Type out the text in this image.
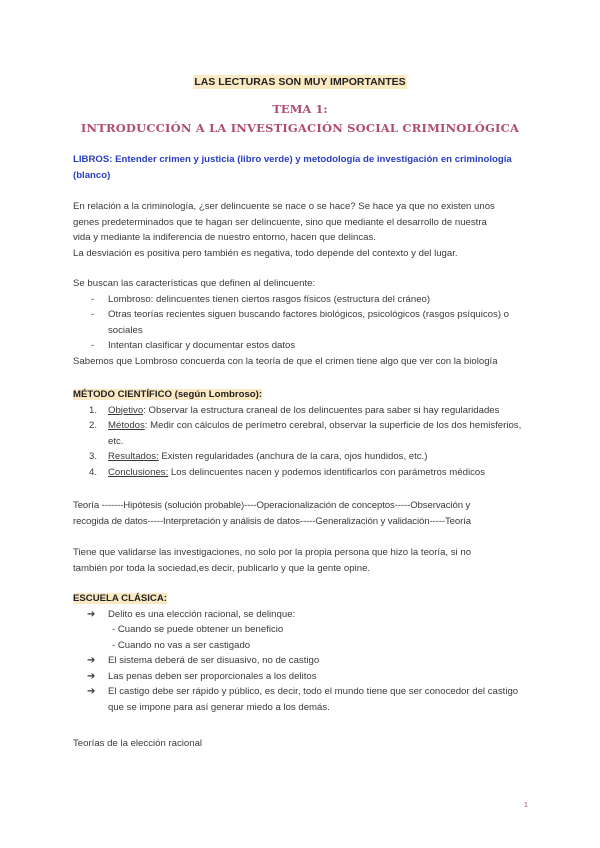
LAS LECTURAS SON MUY IMPORTANTES
TEMA 1:
INTRODUCCIÓN A LA INVESTIGACIÓN SOCIAL CRIMINOLÓGICA
LIBROS: Entender crimen y justicia (libro verde) y metodología de investigación en criminología (blanco)
En relación a la criminología, ¿ser delincuente se nace o se hace? Se hace ya que no existen unos
genes predeterminados que te hagan ser delincuente, sino que mediante el desarrollo de nuestra
vida y mediante la indiferencia de nuestro entorno, hacen que delincas.
La desviación es positiva pero también es negativa, todo depende del contexto y del lugar.
Se buscan las características que definen al delincuente:
-	Lombroso: delincuentes tienen ciertos rasgos físicos (estructura del cráneo)
-	Otras teorías recientes siguen buscando factores biológicos, psicológicos (rasgos psíquicos) o sociales
-	Intentan clasificar y documentar estos datos
Sabemos que Lombroso concuerda con la teoría de que el crimen tiene algo que ver con la biología
MÉTODO CIENTÍFICO (según Lombroso):
1. Objetivo: Observar la estructura craneal de los delincuentes para saber si hay regularidades
2. Métodos: Medir con cálculos de perímetro cerebral, observar la superficie de los dos hemisferios, etc.
3. Resultados: Existen regularidades (anchura de la cara, ojos hundidos, etc.)
4. Conclusiones: Los delincuentes nacen y podemos identificarlos con parámetros médicos
Teoría -------Hipótesis (solución probable)----Operacionalización de conceptos-----Observación y
recogida de datos-----Interpretación y análisis de datos-----Generalización y validación-----Teoría
Tiene que validarse las investigaciones, no solo por la propia persona que hizo la teoría, si no
también por toda la sociedad,es decir, publicarlo y que la gente opine.
ESCUELA CLÁSICA:
➔ Delito es una elección racional, se delinque:
- Cuando se puede obtener un beneficio
- Cuando no vas a ser castigado
➔ El sistema deberá de ser disuasivo, no de castigo
➔ Las penas deben ser proporcionales a los delitos
➔ El castigo debe ser rápido y público, es decir, todo el mundo tiene que ser conocedor del castigo que se impone para así generar miedo a los demás.
Teorías de la elección racional
1
